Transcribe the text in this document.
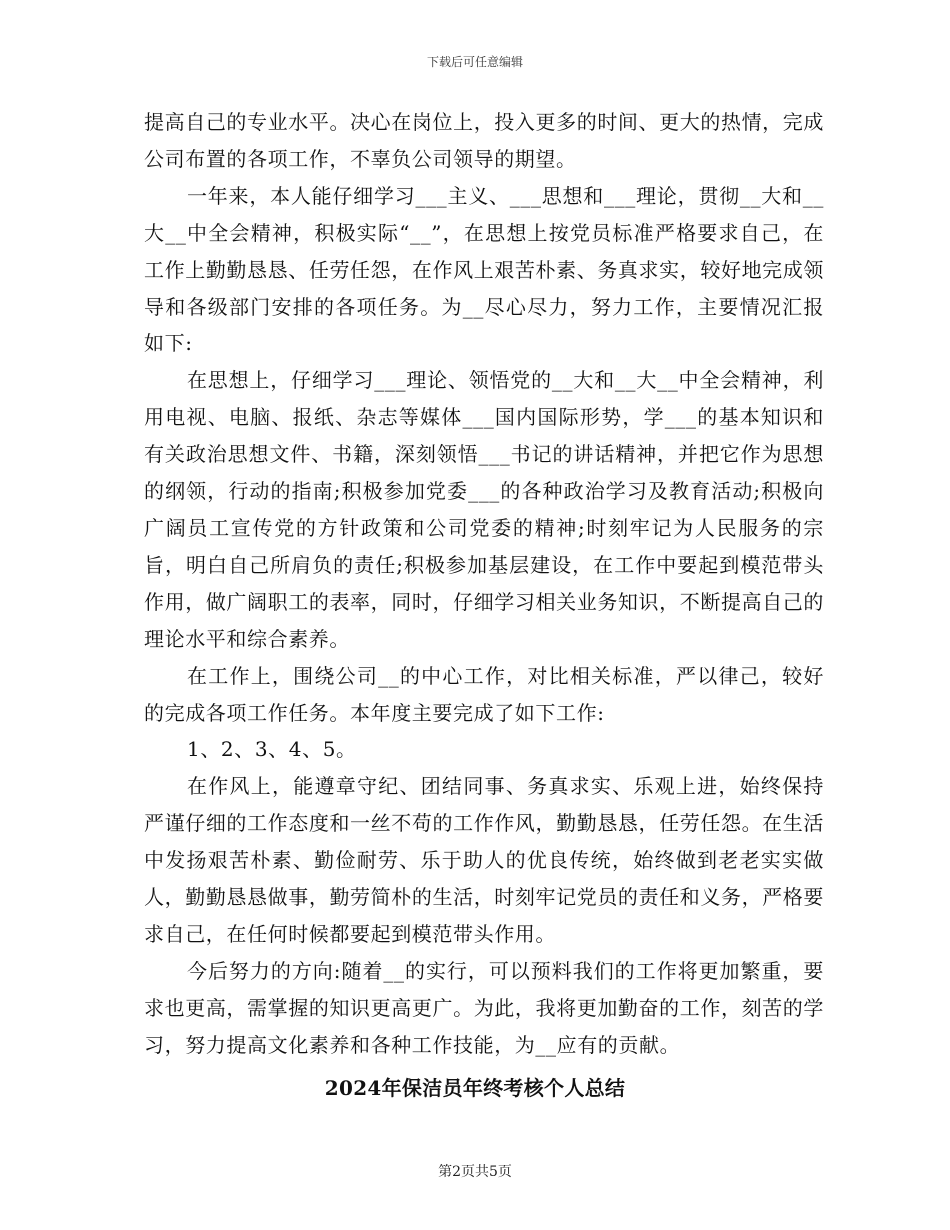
下载后可任意编辑

提高自己的专业水平。决心在岗位上，投入更多的时间、更大的热情，完成公司布置的各项工作，不辜负公司领导的期望。

一年来，本人能仔细学习___主义、___思想和___理论，贯彻__大和__大__中全会精神，积极实际“__”，在思想上按党员标准严格要求自己，在工作上勤勤恳恳、任劳任怨，在作风上艰苦朴素、务真求实，较好地完成领导和各级部门安排的各项任务。为__尽心尽力，努力工作，主要情况汇报如下:

在思想上，仔细学习___理论、领悟党的__大和__大__中全会精神，利用电视、电脑、报纸、杂志等媒体___国内国际形势，学___的基本知识和有关政治思想文件、书籍，深刻领悟___书记的讲话精神，并把它作为思想的纲领，行动的指南;积极参加党委___的各种政治学习及教育活动;积极向广阔员工宣传党的方针政策和公司党委的精神;时刻牢记为人民服务的宗旨，明白自己所肩负的责任;积极参加基层建设，在工作中要起到模范带头作用，做广阔职工的表率，同时，仔细学习相关业务知识，不断提高自己的理论水平和综合素养。

在工作上，围绕公司__的中心工作，对比相关标准，严以律己，较好的完成各项工作任务。本年度主要完成了如下工作:

1、2、3、4、5。

在作风上，能遵章守纪、团结同事、务真求实、乐观上进，始终保持严谨仔细的工作态度和一丝不苟的工作作风，勤勤恳恳，任劳任怨。在生活中发扬艰苦朴素、勤俭耐劳、乐于助人的优良传统，始终做到老老实实做人，勤勤恳恳做事，勤劳简朴的生活，时刻牢记党员的责任和义务，严格要求自己，在任何时候都要起到模范带头作用。

今后努力的方向:随着__的实行，可以预料我们的工作将更加繁重，要求也更高，需掌握的知识更高更广。为此，我将更加勤奋的工作，刻苦的学习，努力提高文化素养和各种工作技能，为__应有的贡献。

2024年保洁员年终考核个人总结
第2页共5页
